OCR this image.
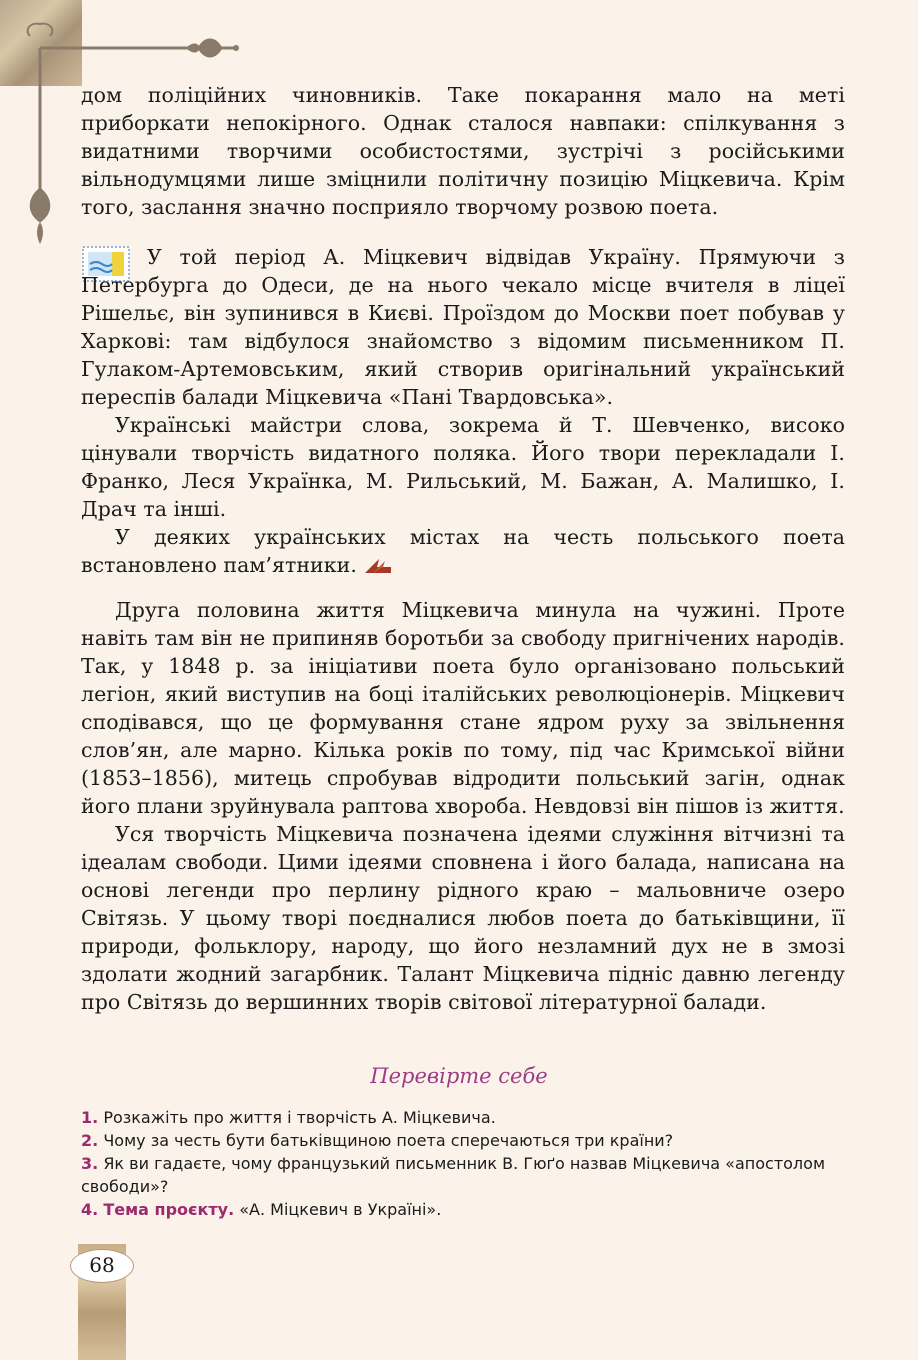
дом поліційних чиновників. Таке покарання мало на меті приборкати непокірного. Однак сталося навпаки: спілкування з видатними творчими особистостями, зустрічі з російськими вільнодумцями лише зміцнили політичну позицію Міцкевича. Крім того, заслання значно посприяло творчому розвою поета.

У той період А. Міцкевич відвідав Україну. Прямуючи з Петербурга до Одеси, де на нього чекало місце вчителя в ліцеї Рішельє, він зупинився в Києві. Проїздом до Москви поет побував у Харкові: там відбулося знайомство з відомим письменником П. Гулаком-Артемовським, який створив оригінальний український переспів балади Міцкевича «Пані Твардовська».

Українські майстри слова, зокрема й Т. Шевченко, високо цінували творчість видатного поляка. Його твори перекладали І. Франко, Леся Українка, М. Рильський, М. Бажан, А. Малишко, І. Драч та інші.

У деяких українських містах на честь польського поета встановлено пам’ятники.

Друга половина життя Міцкевича минула на чужині. Проте навіть там він не припиняв боротьби за свободу пригнічених народів. Так, у 1848 р. за ініціативи поета було організовано польський легіон, який виступив на боці італійських революціонерів. Міцкевич сподівався, що це формування стане ядром руху за звільнення слов’ян, але марно. Кілька років по тому, під час Кримської війни (1853–1856), митець спробував відродити польський загін, однак його плани зруйнувала раптова хвороба. Невдовзі він пішов із життя.

Уся творчість Міцкевича позначена ідеями служіння вітчизні та ідеалам свободи. Цими ідеями сповнена і його балада, написана на основі легенди про перлину рідного краю – мальовниче озеро Світязь. У цьому творі поєдналися любов поета до батьківщини, її природи, фольклору, народу, що його незламний дух не в змозі здолати жодний загарбник. Талант Міцкевича підніс давню легенду про Світязь до вершинних творів світової літературної балади.

Перевірте себе

1. Розкажіть про життя і творчість А. Міцкевича.

2. Чому за честь бути батьківщиною поета сперечаються три країни?

3. Як ви гадаєте, чому французький письменник В. Гюґо назвав Міцкевича «апостолом свободи»?

4. Тема проєкту. «А. Міцкевич в Україні».

68
